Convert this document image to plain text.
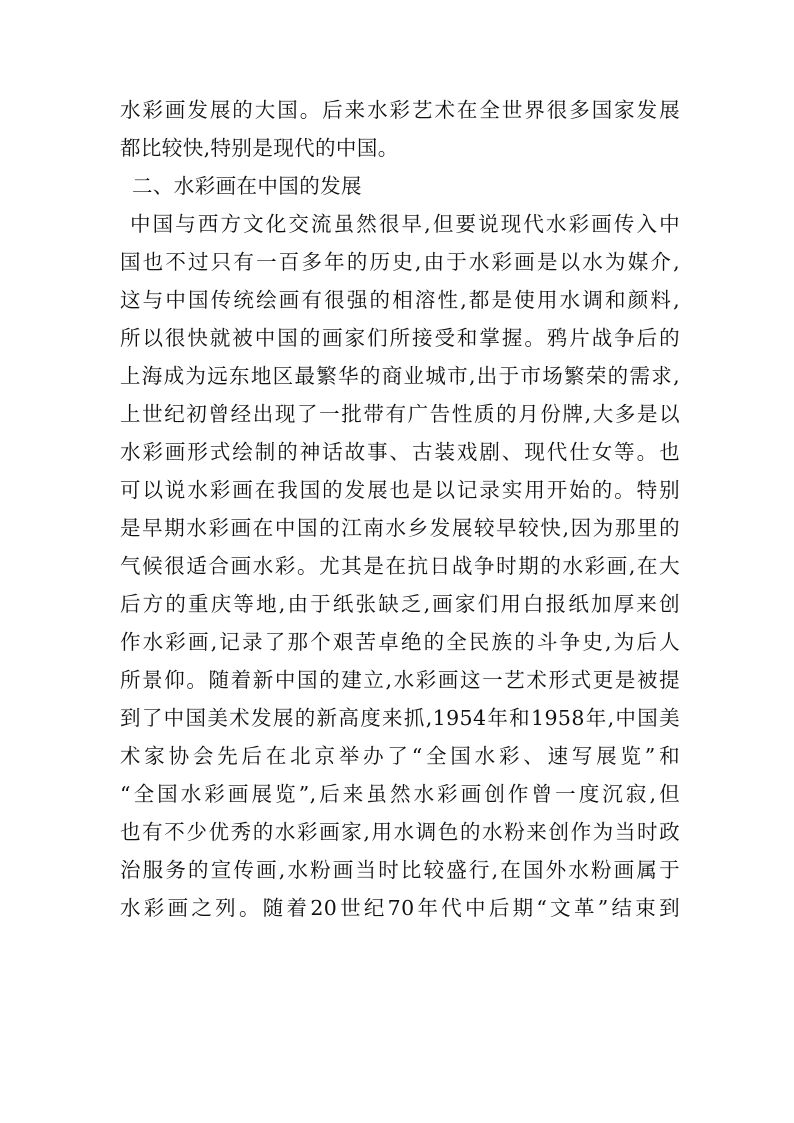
水彩画发展的大国。后来水彩艺术在全世界很多国家发展
都比较快,特别是现代的中国。
二、水彩画在中国的发展
中国与西方文化交流虽然很早,但要说现代水彩画传入中
国也不过只有一百多年的历史,由于水彩画是以水为媒介,
这与中国传统绘画有很强的相溶性,都是使用水调和颜料,
所以很快就被中国的画家们所接受和掌握。鸦片战争后的
上海成为远东地区最繁华的商业城市,出于市场繁荣的需求,
上世纪初曾经出现了一批带有广告性质的月份牌,大多是以
水彩画形式绘制的神话故事、古装戏剧、现代仕女等。也
可以说水彩画在我国的发展也是以记录实用开始的。特别
是早期水彩画在中国的江南水乡发展较早较快,因为那里的
气候很适合画水彩。尤其是在抗日战争时期的水彩画,在大
后方的重庆等地,由于纸张缺乏,画家们用白报纸加厚来创
作水彩画,记录了那个艰苦卓绝的全民族的斗争史,为后人
所景仰。随着新中国的建立,水彩画这一艺术形式更是被提
到了中国美术发展的新高度来抓,1954年和1958年,中国美
术家协会先后在北京举办了“全国水彩、速写展览”和
“全国水彩画展览”,后来虽然水彩画创作曾一度沉寂,但
也有不少优秀的水彩画家,用水调色的水粉来创作为当时政
治服务的宣传画,水粉画当时比较盛行,在国外水粉画属于
水彩画之列。随着20世纪70年代中后期“文革”结束到
